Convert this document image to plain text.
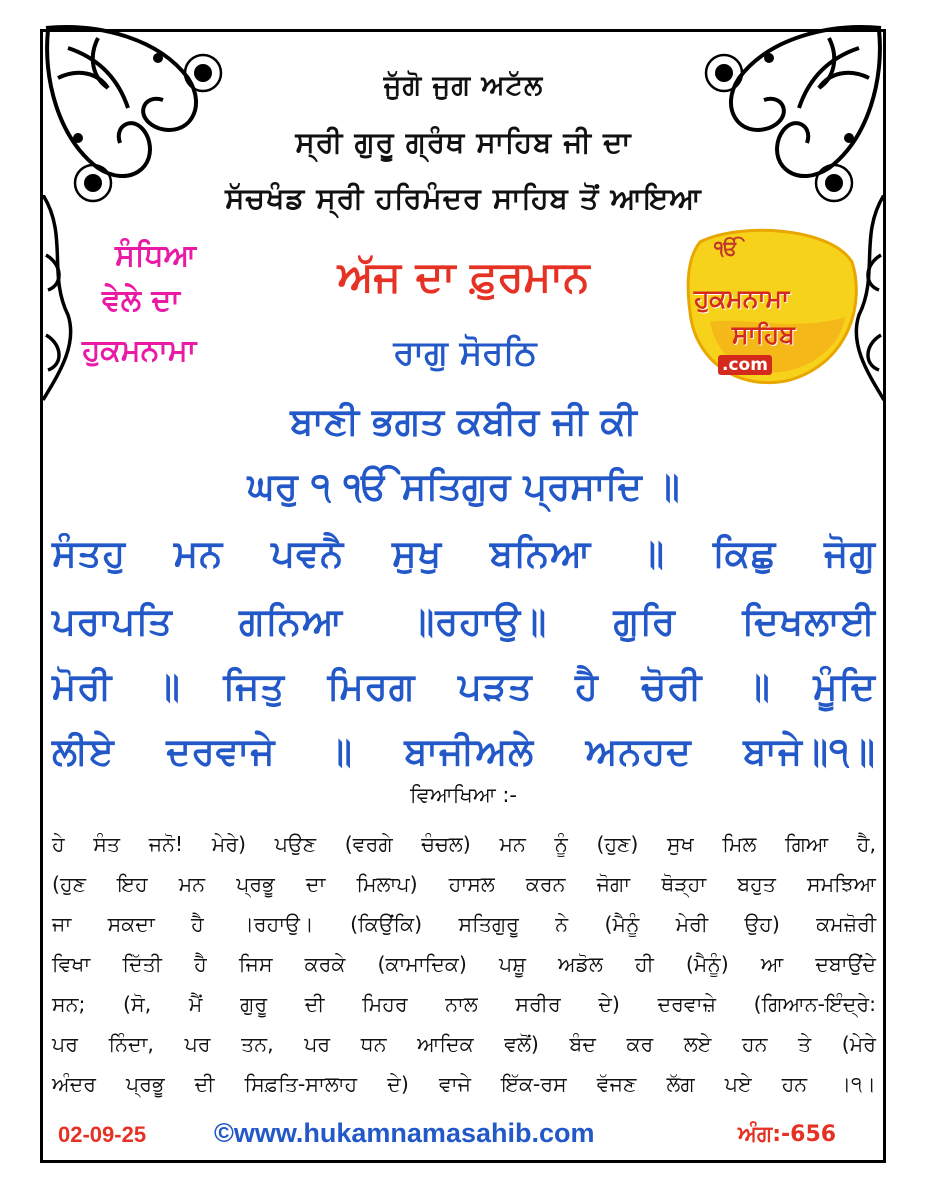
ਜੁੱਗੋ ਜੁਗ ਅਟੱਲ
ਸ੍ਰੀ ਗੁਰੂ ਗ੍ਰੰਥ ਸਾਹਿਬ ਜੀ ਦਾ
ਸੱਚਖੰਡ ਸ੍ਰੀ ਹਰਿਮੰਦਰ ਸਾਹਿਬ ਤੋਂ ਆਇਆ
ਸੰਧਿਆ
ਵੇਲੇ ਦਾ
ਹੁਕਮਨਾਮਾ
ਅੱਜ ਦਾ ਫ਼ੁਰਮਾਨ
ਰਾਗੁ ਸੋਰਠਿ
ੴ
ਹੁਕਮਨਾਮਾ
ਸਾਹਿਬ
.com
ਬਾਣੀ ਭਗਤ ਕਬੀਰ ਜੀ ਕੀ
ਘਰੁ ੧ ੴ ਸਤਿਗੁਰ ਪ੍ਰਸਾਦਿ ॥
ਸੰਤਹੁ ਮਨ ਪਵਨੈ ਸੁਖੁ ਬਨਿਆ ॥ ਕਿਛੁ ਜੋਗੁ
ਪਰਾਪਤਿ ਗਨਿਆ ॥ਰਹਾਉ॥ ਗੁਰਿ ਦਿਖਲਾਈ
ਮੋਰੀ ॥ ਜਿਤੁ ਮਿਰਗ ਪੜਤ ਹੈ ਚੋਰੀ ॥ ਮੂੰਦਿ
ਲੀਏ ਦਰਵਾਜੇ ॥ ਬਾਜੀਅਲੇ ਅਨਹਦ ਬਾਜੇ॥੧॥
ਵਿਆਖਿਆ :-
ਹੇ ਸੰਤ ਜਨੋ! ਮੇਰੇ) ਪਉਣ (ਵਰਗੇ ਚੰਚਲ) ਮਨ ਨੂੰ (ਹੁਣ) ਸੁਖ ਮਿਲ ਗਿਆ ਹੈ,
(ਹੁਣ ਇਹ ਮਨ ਪ੍ਰਭੂ ਦਾ ਮਿਲਾਪ) ਹਾਸਲ ਕਰਨ ਜੋਗਾ ਥੋੜ੍ਹਾ ਬਹੁਤ ਸਮਝਿਆ
ਜਾ ਸਕਦਾ ਹੈ ।ਰਹਾਉ। (ਕਿਉਂਕਿ) ਸਤਿਗੁਰੂ ਨੇ (ਮੈਨੂੰ ਮੇਰੀ ਉਹ) ਕਮਜ਼ੋਰੀ
ਵਿਖਾ ਦਿੱਤੀ ਹੈ ਜਿਸ ਕਰਕੇ (ਕਾਮਾਦਿਕ) ਪਸ਼ੂ ਅਡੋਲ ਹੀ (ਮੈਨੂੰ) ਆ ਦਬਾਉਂਦੇ
ਸਨ; (ਸੋ, ਮੈਂ ਗੁਰੂ ਦੀ ਮਿਹਰ ਨਾਲ ਸਰੀਰ ਦੇ) ਦਰਵਾਜ਼ੇ (ਗਿਆਨ-ਇੰਦ੍ਰੇ:
ਪਰ ਨਿੰਦਾ, ਪਰ ਤਨ, ਪਰ ਧਨ ਆਦਿਕ ਵਲੋਂ) ਬੰਦ ਕਰ ਲਏ ਹਨ ਤੇ (ਮੇਰੇ
ਅੰਦਰ ਪ੍ਰਭੂ ਦੀ ਸਿਫ਼ਤਿ-ਸਾਲਾਹ ਦੇ) ਵਾਜੇ ਇੱਕ-ਰਸ ਵੱਜਣ ਲੱਗ ਪਏ ਹਨ ।੧।
02-09-25	©www.hukamnamasahib.com	ਅੰਗ:-656
